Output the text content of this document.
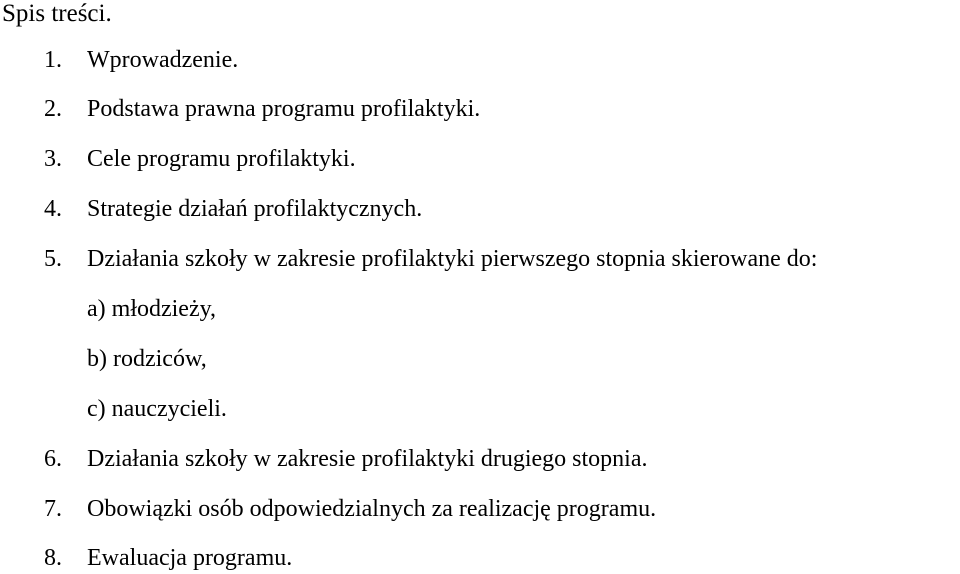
Spis treści.
1. Wprowadzenie.
2. Podstawa prawna programu profilaktyki.
3. Cele programu profilaktyki.
4. Strategie działań profilaktycznych.
5. Działania szkoły w zakresie profilaktyki pierwszego stopnia skierowane do:
a) młodzieży,
b) rodziców,
c) nauczycieli.
6. Działania szkoły w zakresie profilaktyki drugiego stopnia.
7. Obowiązki osób odpowiedzialnych za realizację programu.
8. Ewaluacja programu.
